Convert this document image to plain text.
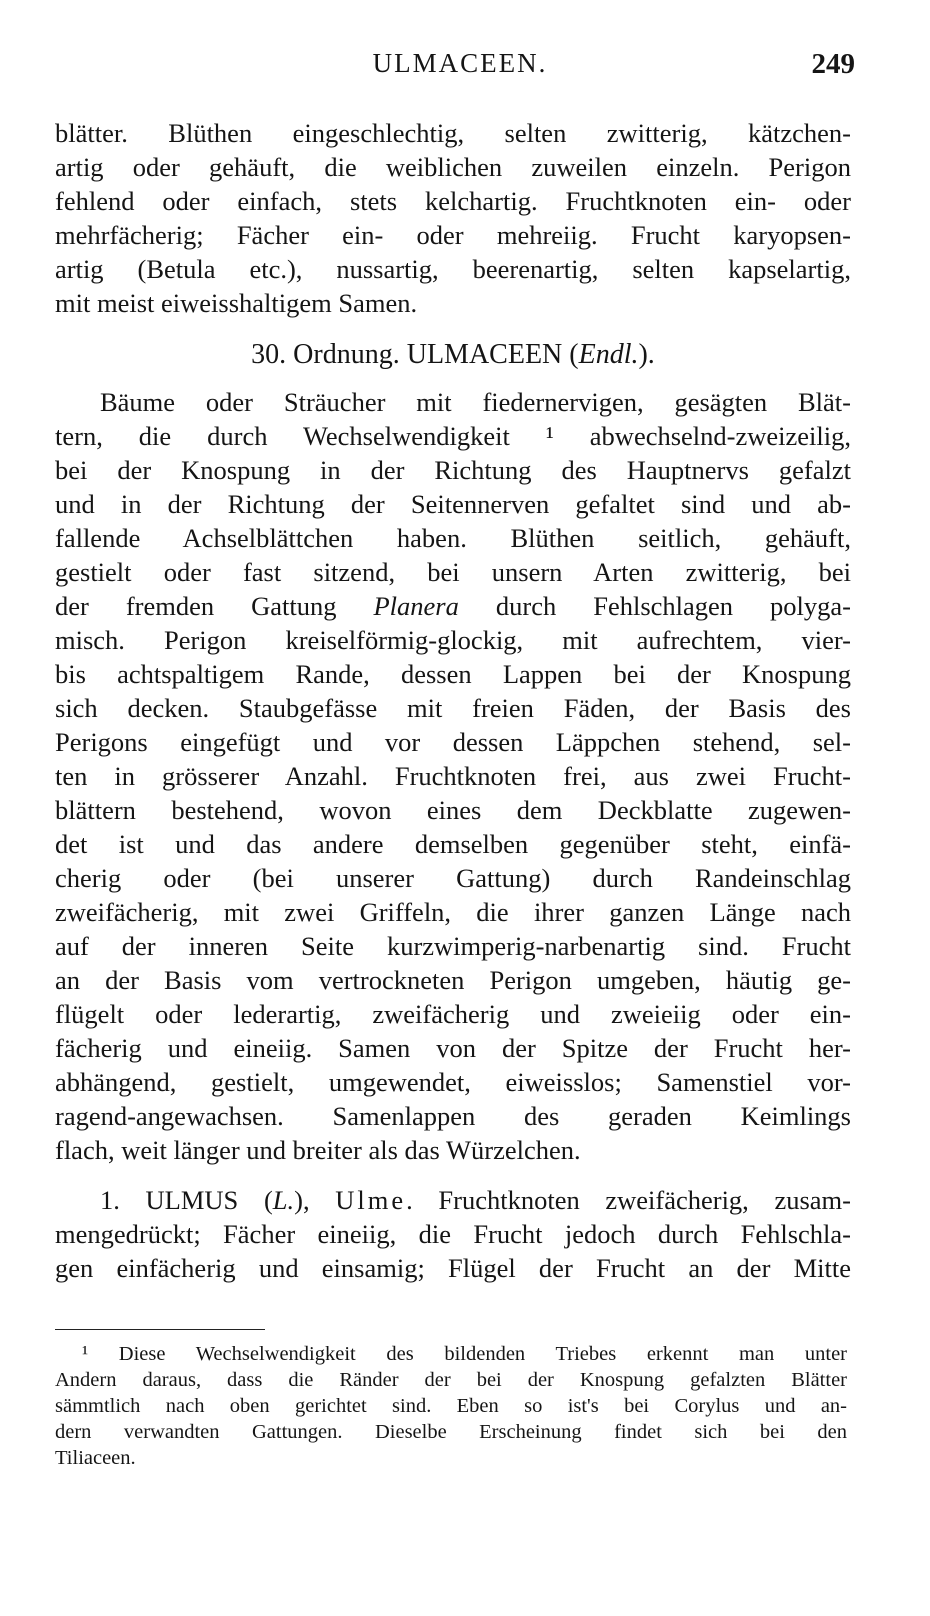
ULMACEEN.	249
blätter. Blüthen eingeschlechtig, selten zwitterig, kätzchen-
artig oder gehäuft, die weiblichen zuweilen einzeln. Perigon
fehlend oder einfach, stets kelchartig. Fruchtknoten ein- oder
mehrfächerig; Fächer ein- oder mehreiig. Frucht karyopsen-
artig (Betula etc.), nussartig, beerenartig, selten kapselartig,
mit meist eiweisshaltigem Samen.
30. Ordnung. ULMACEEN (Endl.).
Bäume oder Sträucher mit fiedernervigen, gesägten Blät-
tern, die durch Wechselwendigkeit ¹ abwechselnd-zweizeilig,
bei der Knospung in der Richtung des Hauptnervs gefalzt
und in der Richtung der Seitennerven gefaltet sind und ab-
fallende Achselblättchen haben. Blüthen seitlich, gehäuft,
gestielt oder fast sitzend, bei unsern Arten zwitterig, bei
der fremden Gattung Planera durch Fehlschlagen polyga-
misch. Perigon kreiselförmig-glockig, mit aufrechtem, vier-
bis achtspaltigem Rande, dessen Lappen bei der Knospung
sich decken. Staubgefässe mit freien Fäden, der Basis des
Perigons eingefügt und vor dessen Läppchen stehend, sel-
ten in grösserer Anzahl. Fruchtknoten frei, aus zwei Frucht-
blättern bestehend, wovon eines dem Deckblatte zugewen-
det ist und das andere demselben gegenüber steht, einfä-
cherig oder (bei unserer Gattung) durch Randeinschlag
zweifächerig, mit zwei Griffeln, die ihrer ganzen Länge nach
auf der inneren Seite kurzwimperig-narbenartig sind. Frucht
an der Basis vom vertrockneten Perigon umgeben, häutig ge-
flügelt oder lederartig, zweifächerig und zweieiig oder ein-
fächerig und eineiig. Samen von der Spitze der Frucht her-
abhängend, gestielt, umgewendet, eiweisslos; Samenstiel vor-
ragend-angewachsen. Samenlappen des geraden Keimlings
flach, weit länger und breiter als das Würzelchen.
1. ULMUS (L.), Ulme. Fruchtknoten zweifächerig, zusam-
mengedrückt; Fächer eineiig, die Frucht jedoch durch Fehlschla-
gen einfächerig und einsamig; Flügel der Frucht an der Mitte
¹ Diese Wechselwendigkeit des bildenden Triebes erkennt man unter
Andern daraus, dass die Ränder der bei der Knospung gefalzten Blätter
sämmtlich nach oben gerichtet sind. Eben so ist's bei Corylus und an-
dern verwandten Gattungen. Dieselbe Erscheinung findet sich bei den
Tiliaceen.
